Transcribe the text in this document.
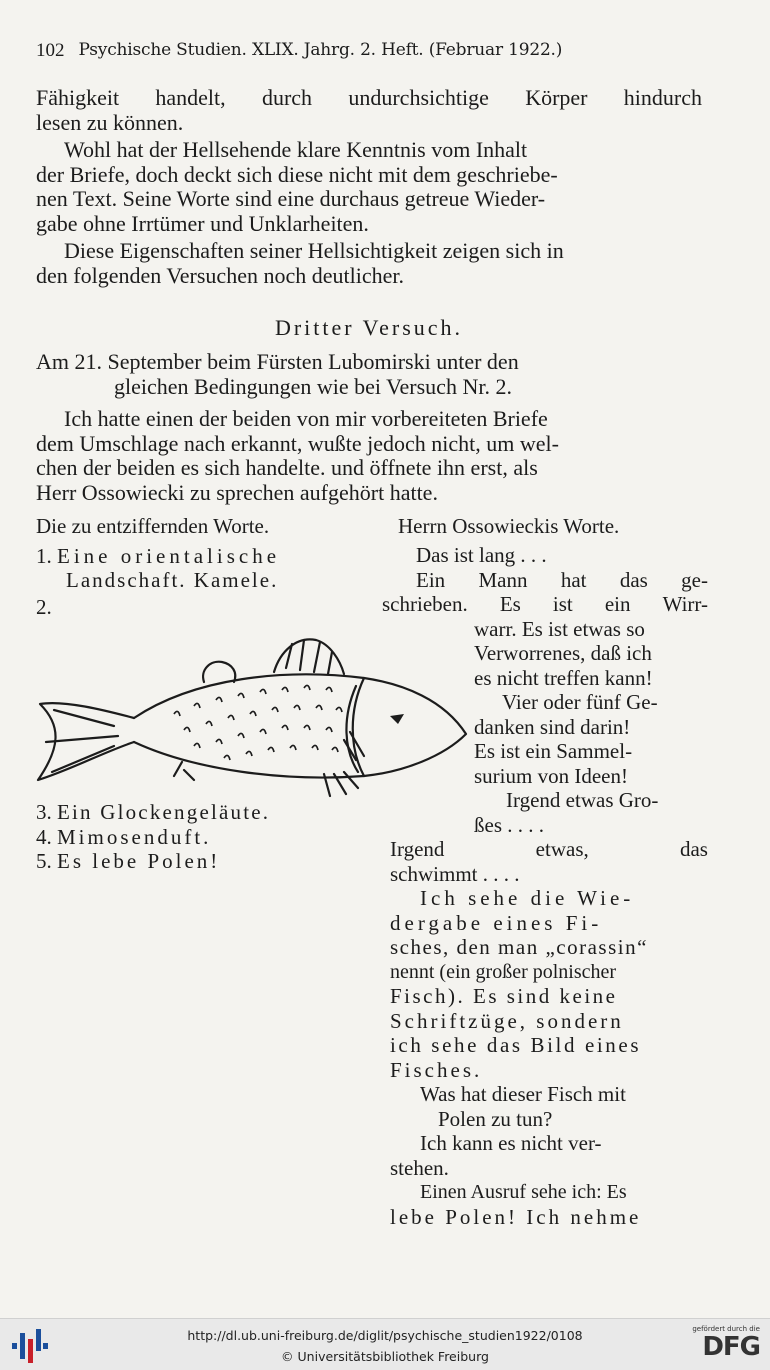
102 Psychische Studien. XLIX. Jahrg. 2. Heft. (Februar 1922.)
Fähigkeit handelt, durch undurchsichtige Körper hindurch
lesen zu können.
Wohl hat der Hellsehende klare Kenntnis vom Inhalt
der Briefe, doch deckt sich diese nicht mit dem geschriebe-
nen Text. Seine Worte sind eine durchaus getreue Wieder-
gabe ohne Irrtümer und Unklarheiten.
Diese Eigenschaften seiner Hellsichtigkeit zeigen sich in
den folgenden Versuchen noch deutlicher.
Dritter Versuch.
Am 21. September beim Fürsten Lubomirski unter den
gleichen Bedingungen wie bei Versuch Nr. 2.
Ich hatte einen der beiden von mir vorbereiteten Briefe
dem Umschlage nach erkannt, wußte jedoch nicht, um wel-
chen der beiden es sich handelte. und öffnete ihn erst, als
Herr Ossowiecki zu sprechen aufgehört hatte.
Die zu entziffernden Worte.
1. Eine orientalische
Landschaft. Kamele.
2.
3. Ein Glockengeläute.
4. Mimosenduft.
5. Es lebe Polen!
Herrn Ossowieckis Worte.
Das ist lang . . .
Ein Mann hat das ge-
schrieben. Es ist ein Wirr-
warr. Es ist etwas so
Verworrenes, daß ich
es nicht treffen kann!
Vier oder fünf Ge-
danken sind darin!
Es ist ein Sammel-
surium von Ideen!
Irgend etwas Gro-
ßes . . . .
Irgend	etwas,	das
schwimmt . . . .
Ich sehe die Wie-
dergabe eines Fi-
sches, den man „corassin“
nennt (ein großer polnischer
Fisch). Es sind keine
Schriftzüge, sondern
ich sehe das Bild eines
Fisches.
Was hat dieser Fisch mit
Polen zu tun?
Ich kann es nicht ver-
stehen.
Einen Ausruf sehe ich: Es
lebe Polen! Ich nehme
http://dl.ub.uni-freiburg.de/diglit/psychische_studien1922/0108
© Universitätsbibliothek Freiburg
gefördert durch die
DFG
